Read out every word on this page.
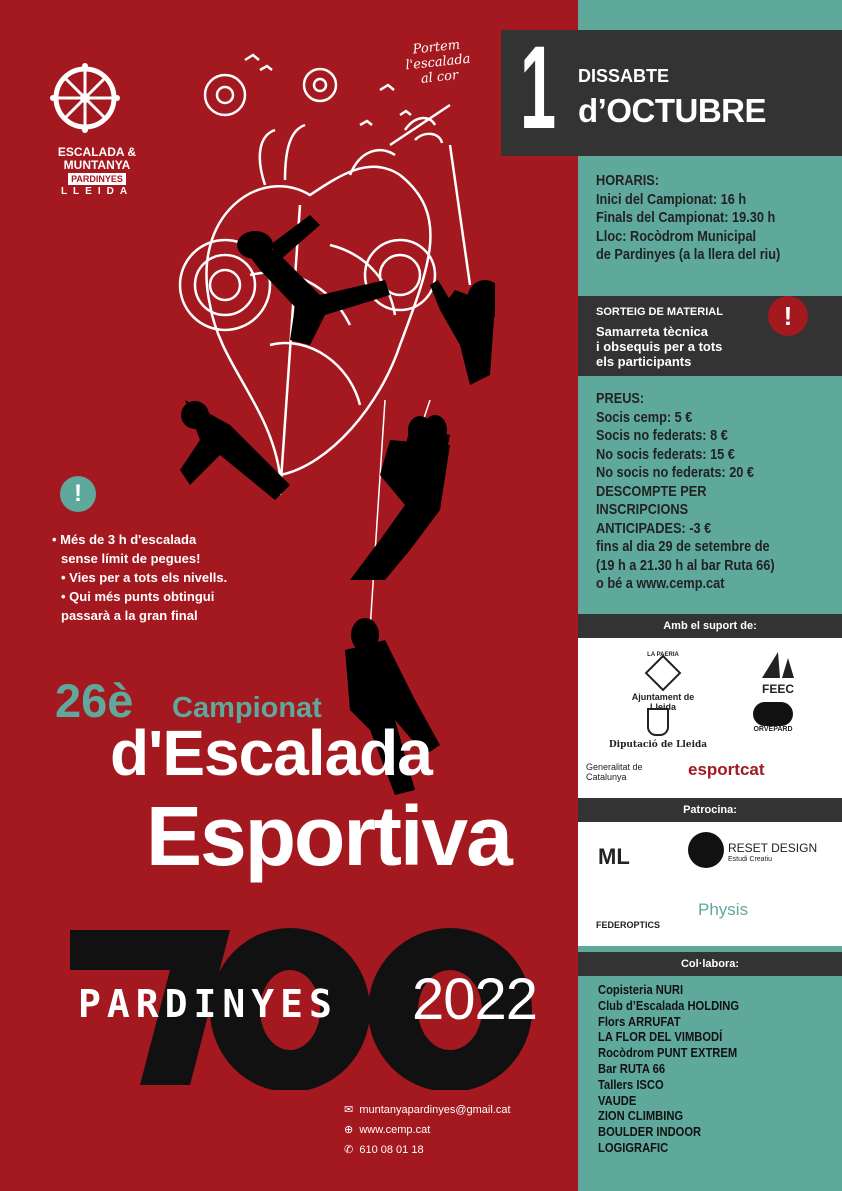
ESCALADA &
MUNTANYA
PARDINYES
LLEIDA
Portem l'escalada al cor
!
• Més de 3 h d'escalada
sense límit de pegues!
• Vies per a tots els nivells.
• Qui més punts obtingui
passarà a la gran final
26è Campionat
d'Escalada
Esportiva
PARDINYES 2022
✉ muntanyapardinyes@gmail.cat
⊕ www.cemp.cat
✆ 610 08 01 18
1 DISSABTE
d’OCTUBRE
HORARIS:
Inici del Campionat: 16 h
Finals del Campionat: 19.30 h
Lloc: Rocòdrom Municipal
de Pardinyes (a la llera del riu)
SORTEIG DE MATERIAL
Samarreta tècnica
i obsequis per a tots
els participants
!
PREUS:
Socis cemp: 5 €
Socis no federats: 8 €
No socis federats: 15 €
No socis no federats: 20 €
DESCOMPTE PER INSCRIPCIONS
ANTICIPADES: -3 €
fins al dia 29 de setembre de
(19 h a 21.30 h al bar Ruta 66)
o bé a www.cemp.cat
Amb el suport de:
LA PAERIA
Ajuntament de Lleida
FEEC
Diputació de Lleida
ORVEPARD
Generalitat de Catalunya	esportcat
Patrocina:
ML	RESET DESIGN
Estudi Creatiu
FEDEROPTICS
Physis
Col·labora:
Copisteria NURI
Club d’Escalada HOLDING
Flors ARRUFAT
LA FLOR DEL VIMBODÍ
Rocòdrom PUNT EXTREM
Bar RUTA 66
Tallers ISCO
VAUDE
ZION CLIMBING
BOULDER INDOOR
LOGIGRAFIC
